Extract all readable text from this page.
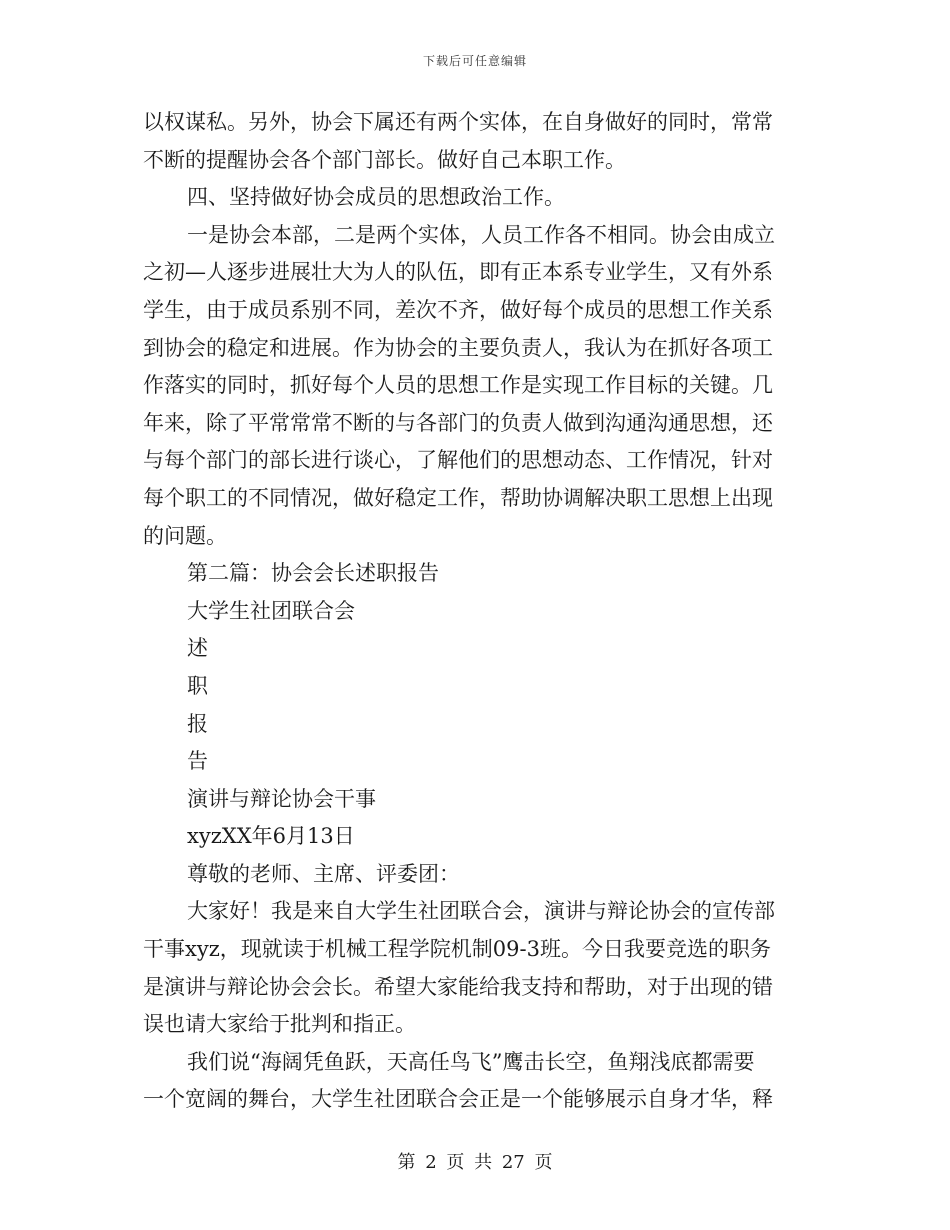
下载后可任意编辑

以权谋私。另外，协会下属还有两个实体，在自身做好的同时，常常

不断的提醒协会各个部门部长。做好自己本职工作。

四、坚持做好协会成员的思想政治工作。

一是协会本部，二是两个实体，人员工作各不相同。协会由成立

之初—人逐步进展壮大为人的队伍，即有正本系专业学生，又有外系

学生，由于成员系别不同，差次不齐，做好每个成员的思想工作关系

到协会的稳定和进展。作为协会的主要负责人，我认为在抓好各项工

作落实的同时，抓好每个人员的思想工作是实现工作目标的关键。几

年来，除了平常常常不断的与各部门的负责人做到沟通沟通思想，还

与每个部门的部长进行谈心，了解他们的思想动态、工作情况，针对

每个职工的不同情况，做好稳定工作，帮助协调解决职工思想上出现

的问题。

第二篇：协会会长述职报告

大学生社团联合会

述

职

报

告

演讲与辩论协会干事

xyzXX年6月13日

尊敬的老师、主席、评委团：

大家好！我是来自大学生社团联合会，演讲与辩论协会的宣传部

干事xyz，现就读于机械工程学院机制09-3班。今日我要竞选的职务

是演讲与辩论协会会长。希望大家能给我支持和帮助，对于出现的错

误也请大家给于批判和指正。

我们说“海阔凭鱼跃，天高任鸟飞”鹰击长空，鱼翔浅底都需要

一个宽阔的舞台，大学生社团联合会正是一个能够展示自身才华，释

第 2 页 共 27 页
